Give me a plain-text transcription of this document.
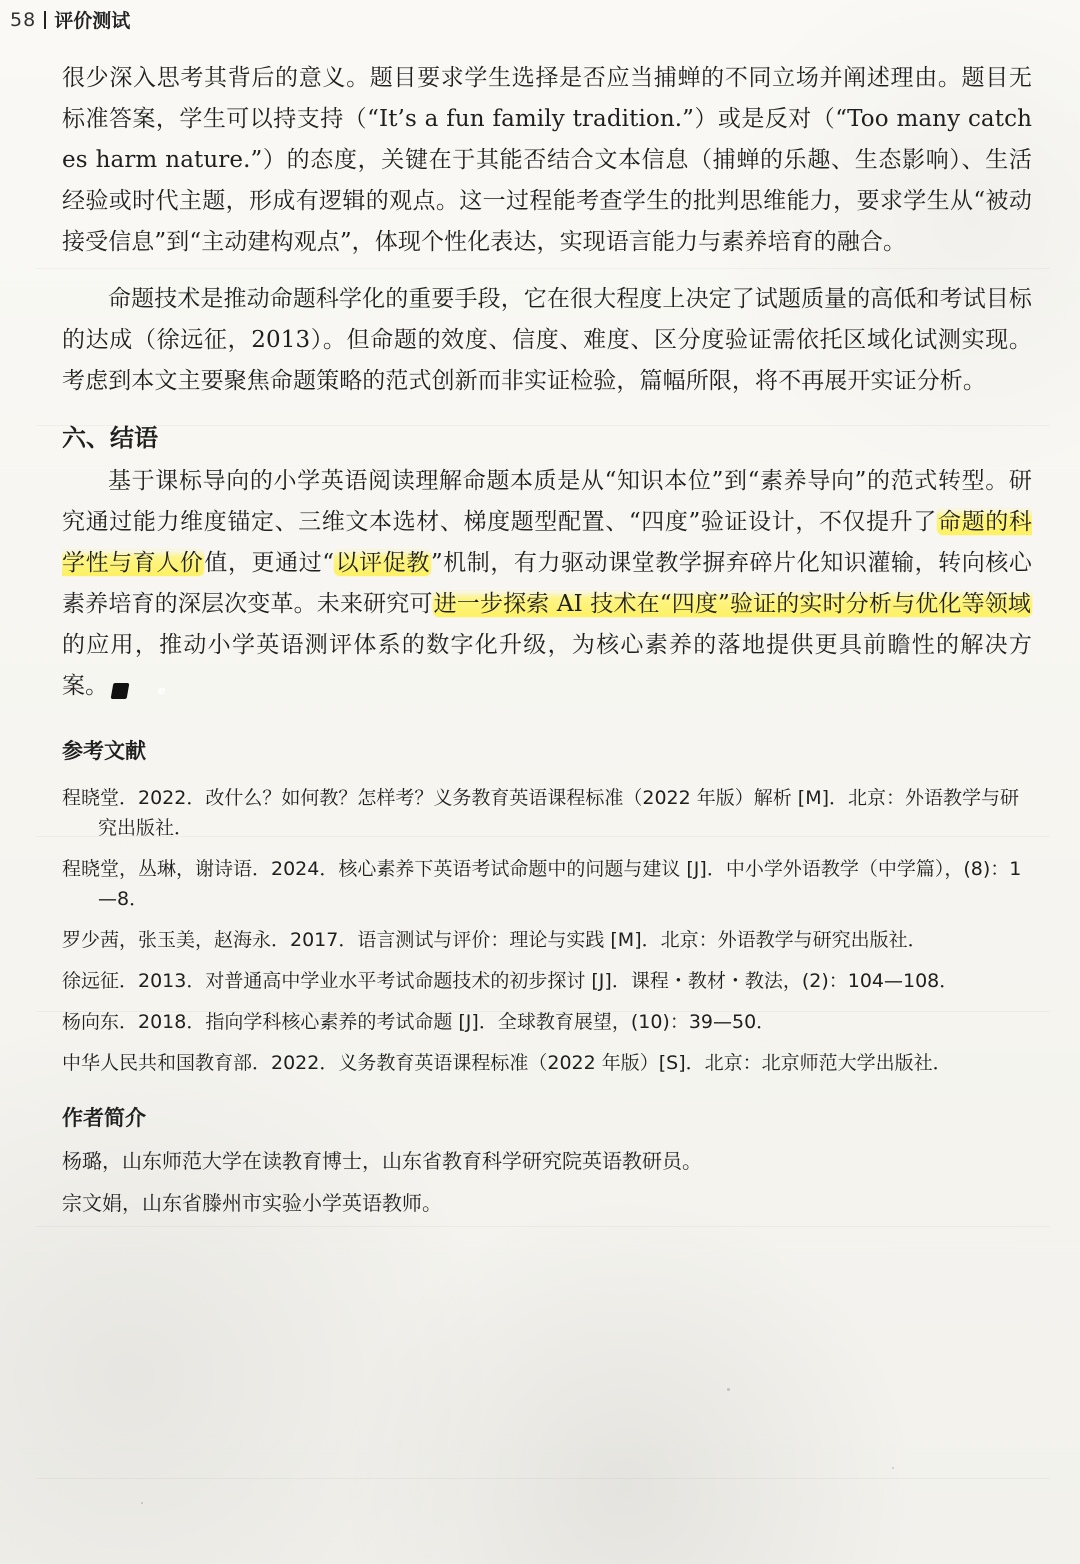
58 评价测试

很少深入思考其背后的意义。题目要求学生选择是否应当捕蝉的不同立场并阐述理由。题目无标准答案，学生可以持支持（“It’s a fun family tradition.”）或是反对（“Too many catches harm nature.”）的态度，关键在于其能否结合文本信息（捕蝉的乐趣、生态影响）、生活经验或时代主题，形成有逻辑的观点。这一过程能考查学生的批判思维能力，要求学生从“被动接受信息”到“主动建构观点”，体现个性化表达，实现语言能力与素养培育的融合。

命题技术是推动命题科学化的重要手段，它在很大程度上决定了试题质量的高低和考试目标的达成（徐远征，2013）。但命题的效度、信度、难度、区分度验证需依托区域化试测实现。考虑到本文主要聚焦命题策略的范式创新而非实证检验，篇幅所限，将不再展开实证分析。

六、结语

基于课标导向的小学英语阅读理解命题本质是从“知识本位”到“素养导向”的范式转型。研究通过能力维度锚定、三维文本选材、梯度题型配置、“四度”验证设计，不仅提升了命题的科学性与育人价值，更通过“以评促教”机制，有力驱动课堂教学摒弃碎片化知识灌输，转向核心素养培育的深层次变革。未来研究可进一步探索 AI 技术在“四度”验证的实时分析与优化等领域的应用，推动小学英语测评体系的数字化升级，为核心素养的落地提供更具前瞻性的解决方案。	e

参考文献

程晓堂．2022．改什么？如何教？怎样考？义务教育英语课程标准（2022 年版）解析 [M]．北京：外语教学与研究出版社．

程晓堂，丛琳，谢诗语．2024．核心素养下英语考试命题中的问题与建议 [J]．中小学外语教学（中学篇），(8)：1—8．

罗少茜，张玉美，赵海永．2017．语言测试与评价：理论与实践 [M]．北京：外语教学与研究出版社．

徐远征．2013．对普通高中学业水平考试命题技术的初步探讨 [J]．课程・教材・教法，(2)：104—108．

杨向东．2018．指向学科核心素养的考试命题 [J]．全球教育展望，(10)：39—50．

中华人民共和国教育部．2022．义务教育英语课程标准（2022 年版）[S]．北京：北京师范大学出版社．

作者简介

杨璐，山东师范大学在读教育博士，山东省教育科学研究院英语教研员。

宗文娟，山东省滕州市实验小学英语教师。
